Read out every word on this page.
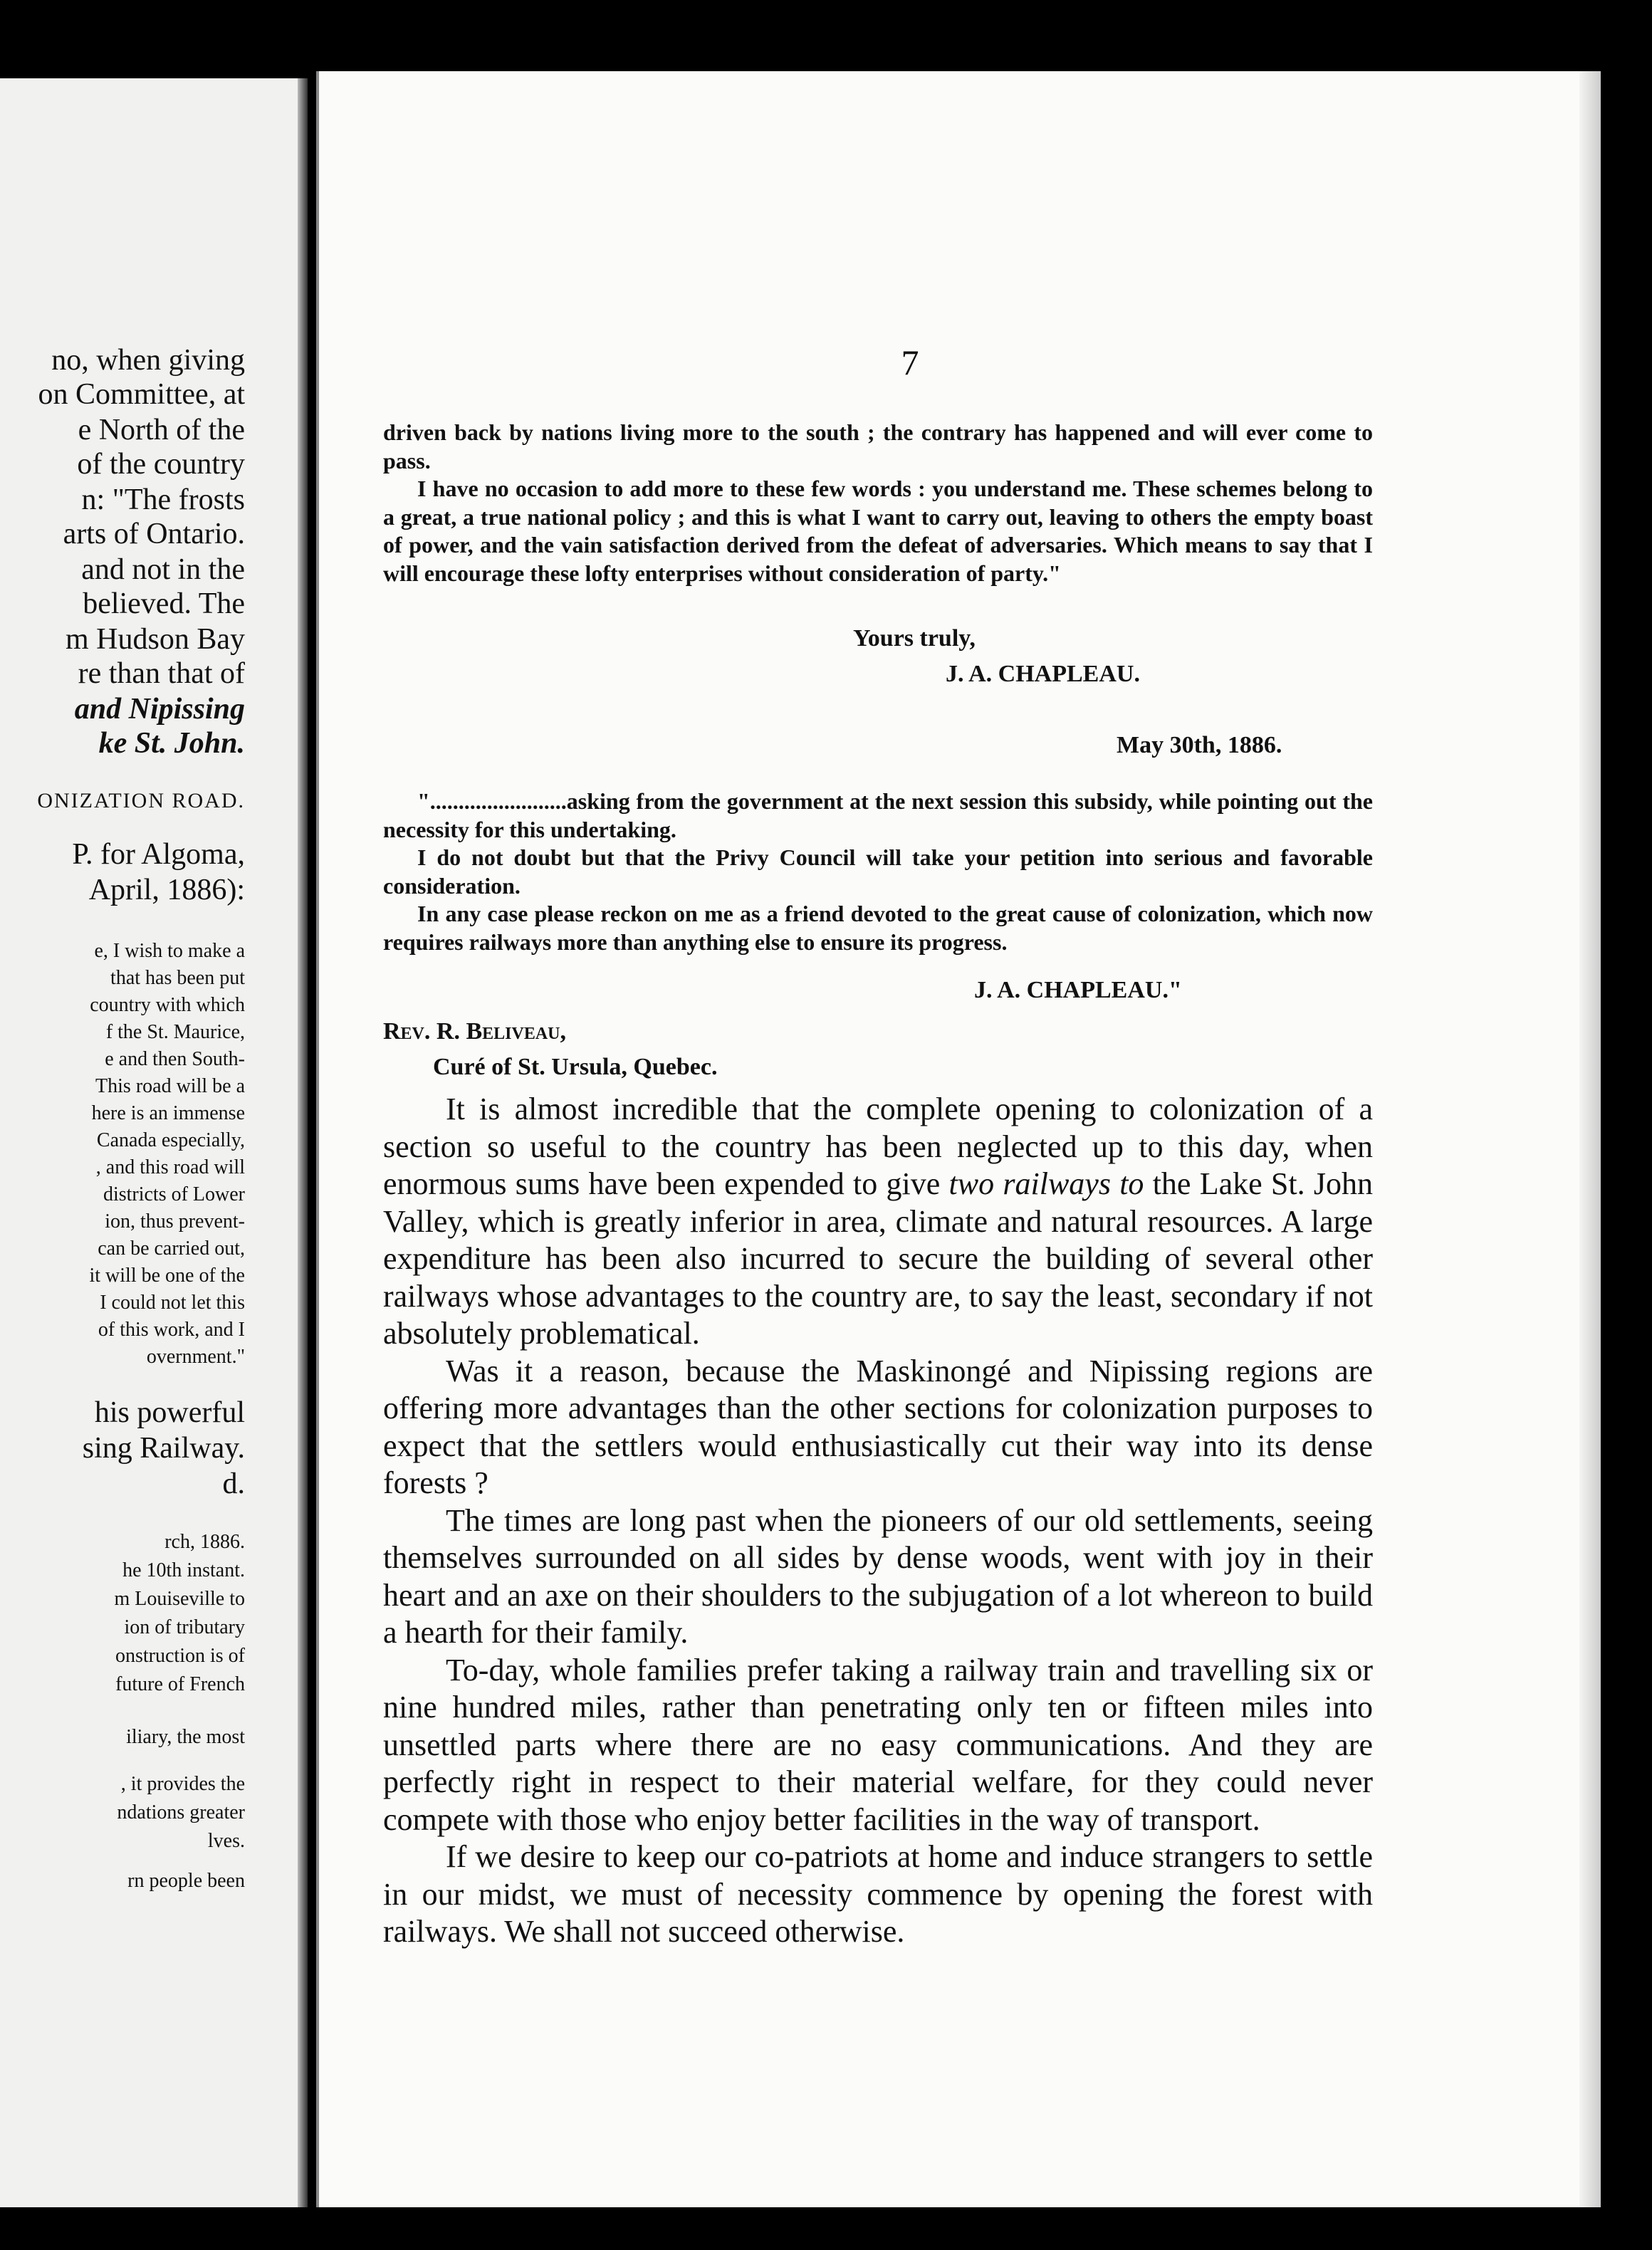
no, when giving
on Committee, at
e North of the
of the country
n: "The frosts
arts of Ontario.
and not in the
believed. The
m Hudson Bay
re than that of
and Nipissing
ke St. John.
ONIZATION ROAD.
P. for Algoma,
April, 1886):
e, I wish to make a
that has been put
country with which
f the St. Maurice,
e and then South-
This road will be a
here is an immense
Canada especially,
, and this road will
districts of Lower
ion, thus prevent-
can be carried out,
it will be one of the
I could not let this
of this work, and I
overnment."
his powerful
sing Railway.
d.
rch, 1886.
he 10th instant.
m Louiseville to
ion of tributary
onstruction is of
future of French
iliary, the most
, it provides the
ndations greater
lves.
rn people been
7

driven back by nations living more to the south ; the contrary has happened and will ever come to pass.

I have no occasion to add more to these few words : you understand me. These schemes belong to a great, a true national policy ; and this is what I want to carry out, leaving to others the empty boast of power, and the vain satisfaction derived from the defeat of adversaries. Which means to say that I will encourage these lofty enterprises without consideration of party."

Yours truly,
J. A. CHAPLEAU.
May 30th, 1886.

"........................asking from the government at the next session this subsidy, while pointing out the necessity for this undertaking.

I do not doubt but that the Privy Council will take your petition into serious and favorable consideration.

In any case please reckon on me as a friend devoted to the great cause of colonization, which now requires railways more than anything else to ensure its progress.

J. A. CHAPLEAU."
Rev. R. Beliveau,
Curé of St. Ursula, Quebec.

It is almost incredible that the complete opening to colonization of a section so useful to the country has been neglected up to this day, when enormous sums have been expended to give two railways to the Lake St. John Valley, which is greatly inferior in area, climate and natural resources. A large expenditure has been also incurred to secure the building of several other railways whose advantages to the country are, to say the least, secondary if not absolutely problematical.

Was it a reason, because the Maskinongé and Nipissing regions are offering more advantages than the other sections for colonization purposes to expect that the settlers would enthusiastically cut their way into its dense forests ?

The times are long past when the pioneers of our old settlements, seeing themselves surrounded on all sides by dense woods, went with joy in their heart and an axe on their shoulders to the subjugation of a lot whereon to build a hearth for their family.

To-day, whole families prefer taking a railway train and travelling six or nine hundred miles, rather than penetrating only ten or fifteen miles into unsettled parts where there are no easy communications. And they are perfectly right in respect to their material welfare, for they could never compete with those who enjoy better facilities in the way of transport.

If we desire to keep our co-patriots at home and induce strangers to settle in our midst, we must of necessity commence by opening the forest with railways. We shall not succeed otherwise.
